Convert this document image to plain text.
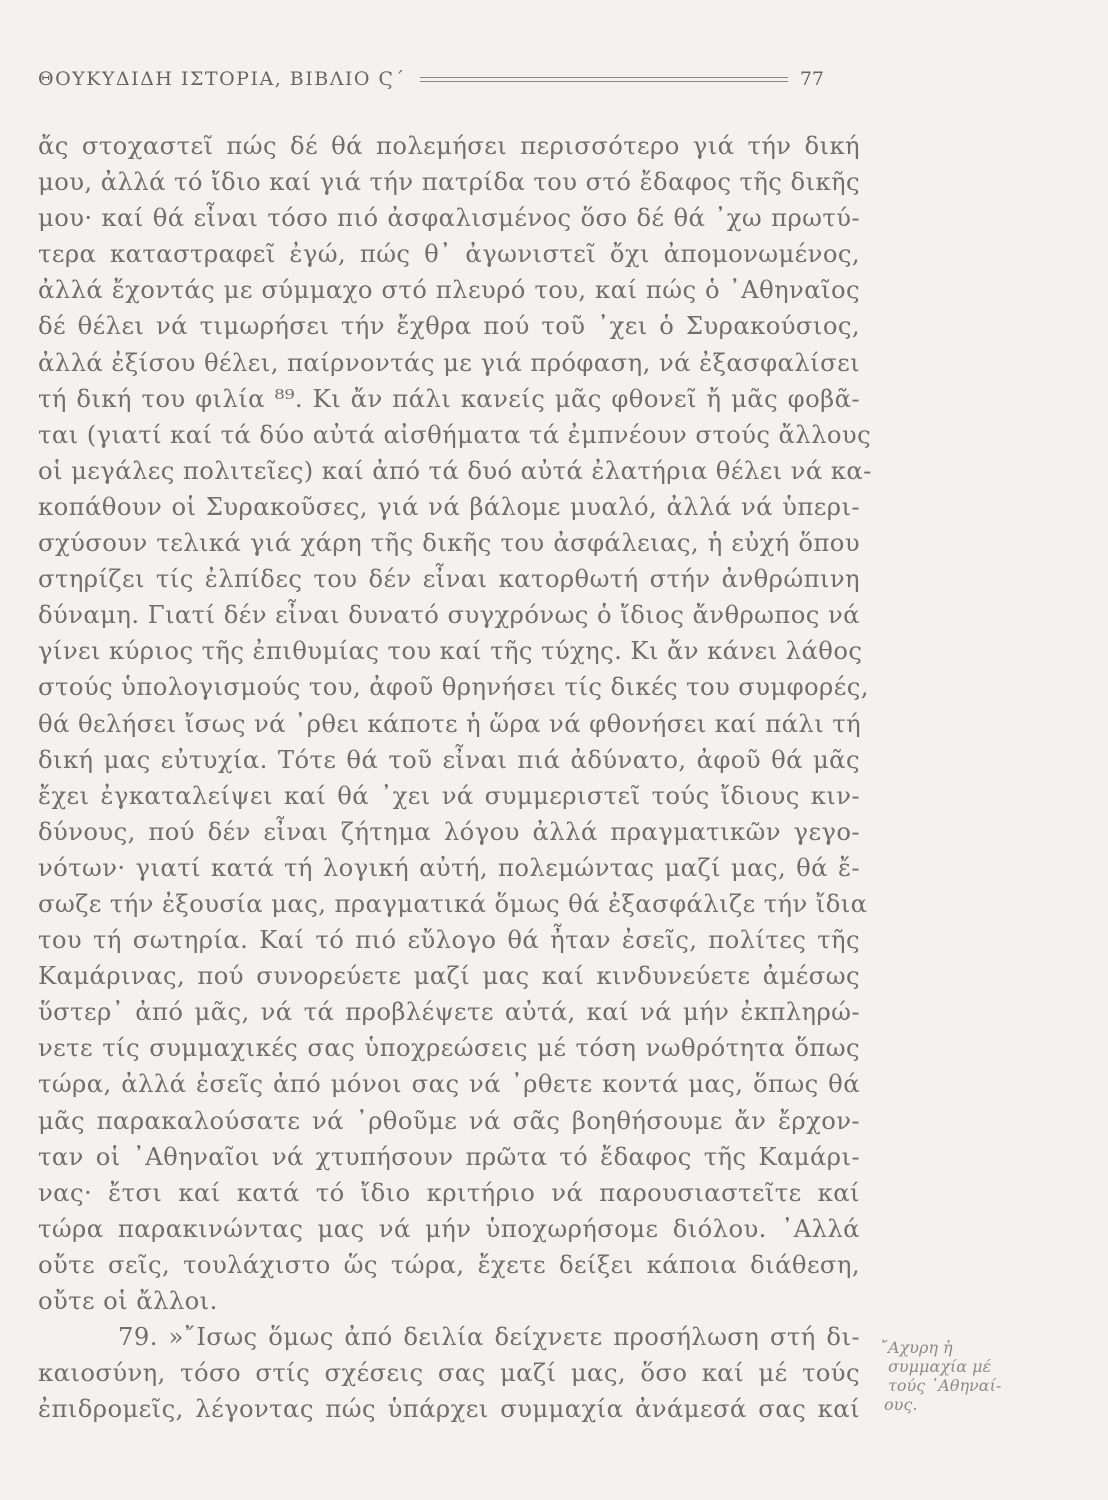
ΘΟΥΚΥΔΙΔΗ ΙΣΤΟΡΙΑ, ΒΙΒΛΙΟ Ϛ΄	77
ἄς στοχαστεῖ πώς δέ θά πολεμήσει περισσότερο γιά τήν δική
μου, ἀλλά τό ἴδιο καί γιά τήν πατρίδα του στό ἔδαφος τῆς δικῆς
μου· καί θά εἶναι τόσο πιό ἀσφαλισμένος ὅσο δέ θά ᾽χω πρωτύ-
τερα καταστραφεῖ ἐγώ, πώς θ᾽ ἀγωνιστεῖ ὄχι ἀπομονωμένος,
ἀλλά ἔχοντάς με σύμμαχο στό πλευρό του, καί πώς ὁ ᾽Αθηναῖος
δέ θέλει νά τιμωρήσει τήν ἔχθρα πού τοῦ ᾽χει ὁ Συρακούσιος,
ἀλλά ἐξίσου θέλει, παίρνοντάς με γιά πρόφαση, νά ἐξασφαλίσει
τή δική του φιλία ⁸⁹. Κι ἄν πάλι κανείς μᾶς φθονεῖ ἤ μᾶς φοβᾶ-
ται (γιατί καί τά δύο αὐτά αἰσθήματα τά ἐμπνέουν στούς ἄλλους
οἱ μεγάλες πολιτεῖες) καί ἀπό τά δυό αὐτά ἐλατήρια θέλει νά κα-
κοπάθουν οἱ Συρακοῦσες, γιά νά βάλομε μυαλό, ἀλλά νά ὑπερι-
σχύσουν τελικά γιά χάρη τῆς δικῆς του ἀσφάλειας, ἡ εὐχή ὅπου
στηρίζει τίς ἐλπίδες του δέν εἶναι κατορθωτή στήν ἀνθρώπινη
δύναμη. Γιατί δέν εἶναι δυνατό συγχρόνως ὁ ἴδιος ἄνθρωπος νά
γίνει κύριος τῆς ἐπιθυμίας του καί τῆς τύχης. Κι ἄν κάνει λάθος
στούς ὑπολογισμούς του, ἀφοῦ θρηνήσει τίς δικές του συμφορές,
θά θελήσει ἴσως νά ᾽ρθει κάποτε ἡ ὥρα νά φθονήσει καί πάλι τή
δική μας εὐτυχία. Τότε θά τοῦ εἶναι πιά ἀδύνατο, ἀφοῦ θά μᾶς
ἔχει ἐγκαταλείψει καί θά ᾽χει νά συμμεριστεῖ τούς ἴδιους κιν-
δύνους, πού δέν εἶναι ζήτημα λόγου ἀλλά πραγματικῶν γεγο-
νότων· γιατί κατά τή λογική αὐτή, πολεμώντας μαζί μας, θά ἔ-
σωζε τήν ἐξουσία μας, πραγματικά ὅμως θά ἐξασφάλιζε τήν ἴδια
του τή σωτηρία. Καί τό πιό εὔλογο θά ἦταν ἐσεῖς, πολίτες τῆς
Καμάρινας, πού συνορεύετε μαζί μας καί κινδυνεύετε ἀμέσως
ὕστερ᾽ ἀπό μᾶς, νά τά προβλέψετε αὐτά, καί νά μήν ἐκπληρώ-
νετε τίς συμμαχικές σας ὑποχρεώσεις μέ τόση νωθρότητα ὅπως
τώρα, ἀλλά ἐσεῖς ἀπό μόνοι σας νά ᾽ρθετε κοντά μας, ὅπως θά
μᾶς παρακαλούσατε νά ᾽ρθοῦμε νά σᾶς βοηθήσουμε ἄν ἔρχον-
ταν οἱ ᾽Αθηναῖοι νά χτυπήσουν πρῶτα τό ἔδαφος τῆς Καμάρι-
νας· ἔτσι καί κατά τό ἴδιο κριτήριο νά παρουσιαστεῖτε καί
τώρα παρακινώντας μας νά μήν ὑποχωρήσομε διόλου. ᾽Αλλά
οὔτε σεῖς, τουλάχιστο ὥς τώρα, ἔχετε δείξει κάποια διάθεση,
οὔτε οἱ ἄλλοι.
79. »῎Ισως ὅμως ἀπό δειλία δείχνετε προσήλωση στή δι-
καιοσύνη, τόσο στίς σχέσεις σας μαζί μας, ὅσο καί μέ τούς
ἐπιδρομεῖς, λέγοντας πώς ὑπάρχει συμμαχία ἀνάμεσά σας καί
῎Αχυρη ἡ
συμμαχία μέ
τούς ᾽Αθηναί-
ους.
